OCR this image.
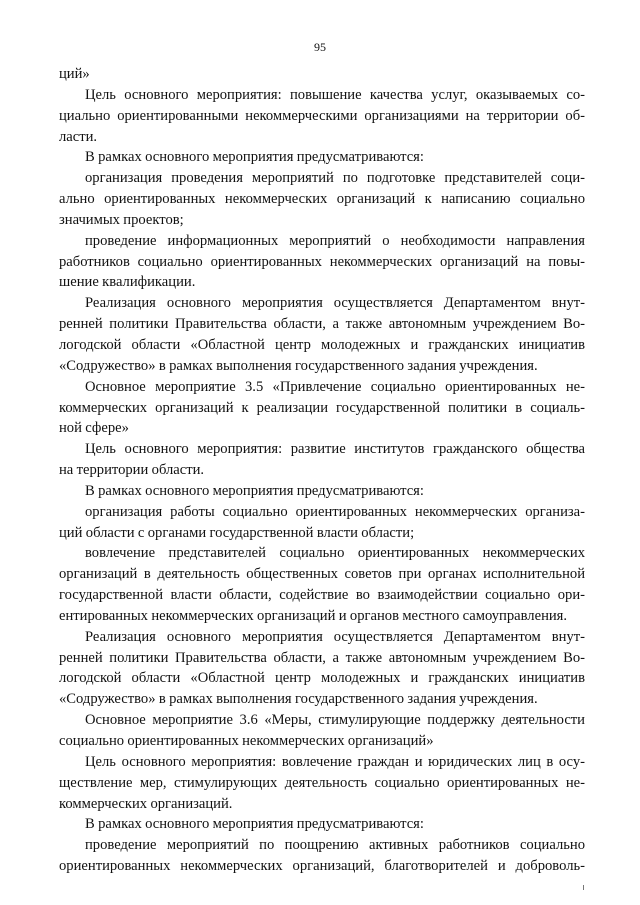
95

ций»

Цель основного мероприятия: повышение качества услуг, оказываемых со-

циально ориентированными некоммерческими организациями на территории об-

ласти.

В рамках основного мероприятия предусматриваются:

организация проведения мероприятий по подготовке представителей соци-

ально ориентированных некоммерческих организаций к написанию социально

значимых проектов;

проведение информационных мероприятий о необходимости направления

работников социально ориентированных некоммерческих организаций на повы-

шение квалификации.

Реализация основного мероприятия осуществляется Департаментом внут-

ренней политики Правительства области, а также автономным учреждением Во-

логодской области «Областной центр молодежных и гражданских инициатив

«Содружество» в рамках выполнения государственного задания учреждения.

Основное мероприятие 3.5 «Привлечение социально ориентированных не-

коммерческих организаций к реализации государственной политики в социаль-

ной сфере»

Цель основного мероприятия: развитие институтов гражданского общества

на территории области.

В рамках основного мероприятия предусматриваются:

организация работы социально ориентированных некоммерческих организа-

ций области с органами государственной власти области;

вовлечение представителей социально ориентированных некоммерческих

организаций в деятельность общественных советов при органах исполнительной

государственной власти области, содействие во взаимодействии социально ори-

ентированных некоммерческих организаций и органов местного самоуправления.

Реализация основного мероприятия осуществляется Департаментом внут-

ренней политики Правительства области, а также автономным учреждением Во-

логодской области «Областной центр молодежных и гражданских инициатив

«Содружество» в рамках выполнения государственного задания учреждения.

Основное мероприятие 3.6 «Меры, стимулирующие поддержку деятельности

социально ориентированных некоммерческих организаций»

Цель основного мероприятия: вовлечение граждан и юридических лиц в осу-

ществление мер, стимулирующих деятельность социально ориентированных не-

коммерческих организаций.

В рамках основного мероприятия предусматриваются:

проведение мероприятий по поощрению активных работников социально

ориентированных некоммерческих организаций, благотворителей и доброволь-
